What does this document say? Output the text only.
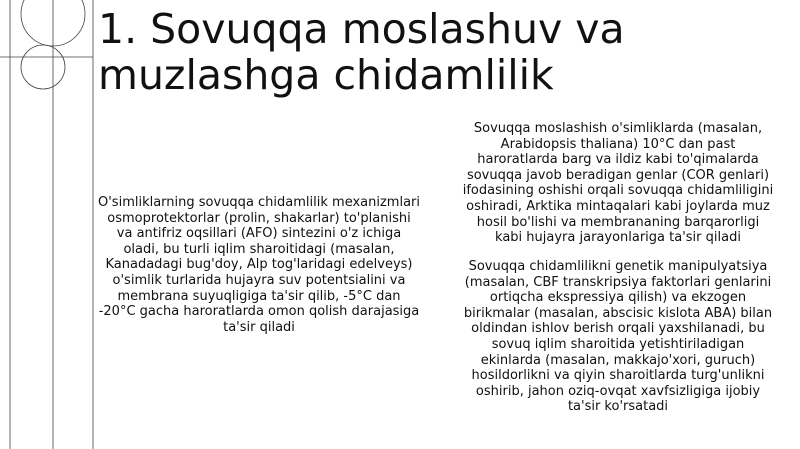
1. Sovuqqa moslashuv va muzlashga chidamlilik

O'simliklarning sovuqqa chidamlilik mexanizmlari osmoprotektorlar (prolin, shakarlar) to'planishi va antifriz oqsillari (AFO) sintezini o'z ichiga oladi, bu turli iqlim sharoitidagi (masalan, Kanadadagi bug'doy, Alp tog'laridagi edelveys) o'simlik turlarida hujayra suv potentsialini va membrana suyuqligiga ta'sir qilib, -5°C dan -20°C gacha haroratlarda omon qolish darajasiga ta'sir qiladi

Sovuqqa moslashish o'simliklarda (masalan, Arabidopsis thaliana) 10°C dan past haroratlarda barg va ildiz kabi to'qimalarda sovuqqa javob beradigan genlar (COR genlari) ifodasining oshishi orqali sovuqqa chidamliligini oshiradi, Arktika mintaqalari kabi joylarda muz hosil bo'lishi va membrananing barqarorligi kabi hujayra jarayonlariga ta'sir qiladi

Sovuqqa chidamlilikni genetik manipulyatsiya (masalan, CBF transkripsiya faktorlari genlarini ortiqcha ekspressiya qilish) va ekzogen birikmalar (masalan, abscisic kislota ABA) bilan oldindan ishlov berish orqali yaxshilanadi, bu sovuq iqlim sharoitida yetishtiriladigan ekinlarda (masalan, makkajo'xori, guruch) hosildorlikni va qiyin sharoitlarda turg'unlikni oshirib, jahon oziq-ovqat xavfsizligiga ijobiy ta'sir ko'rsatadi
